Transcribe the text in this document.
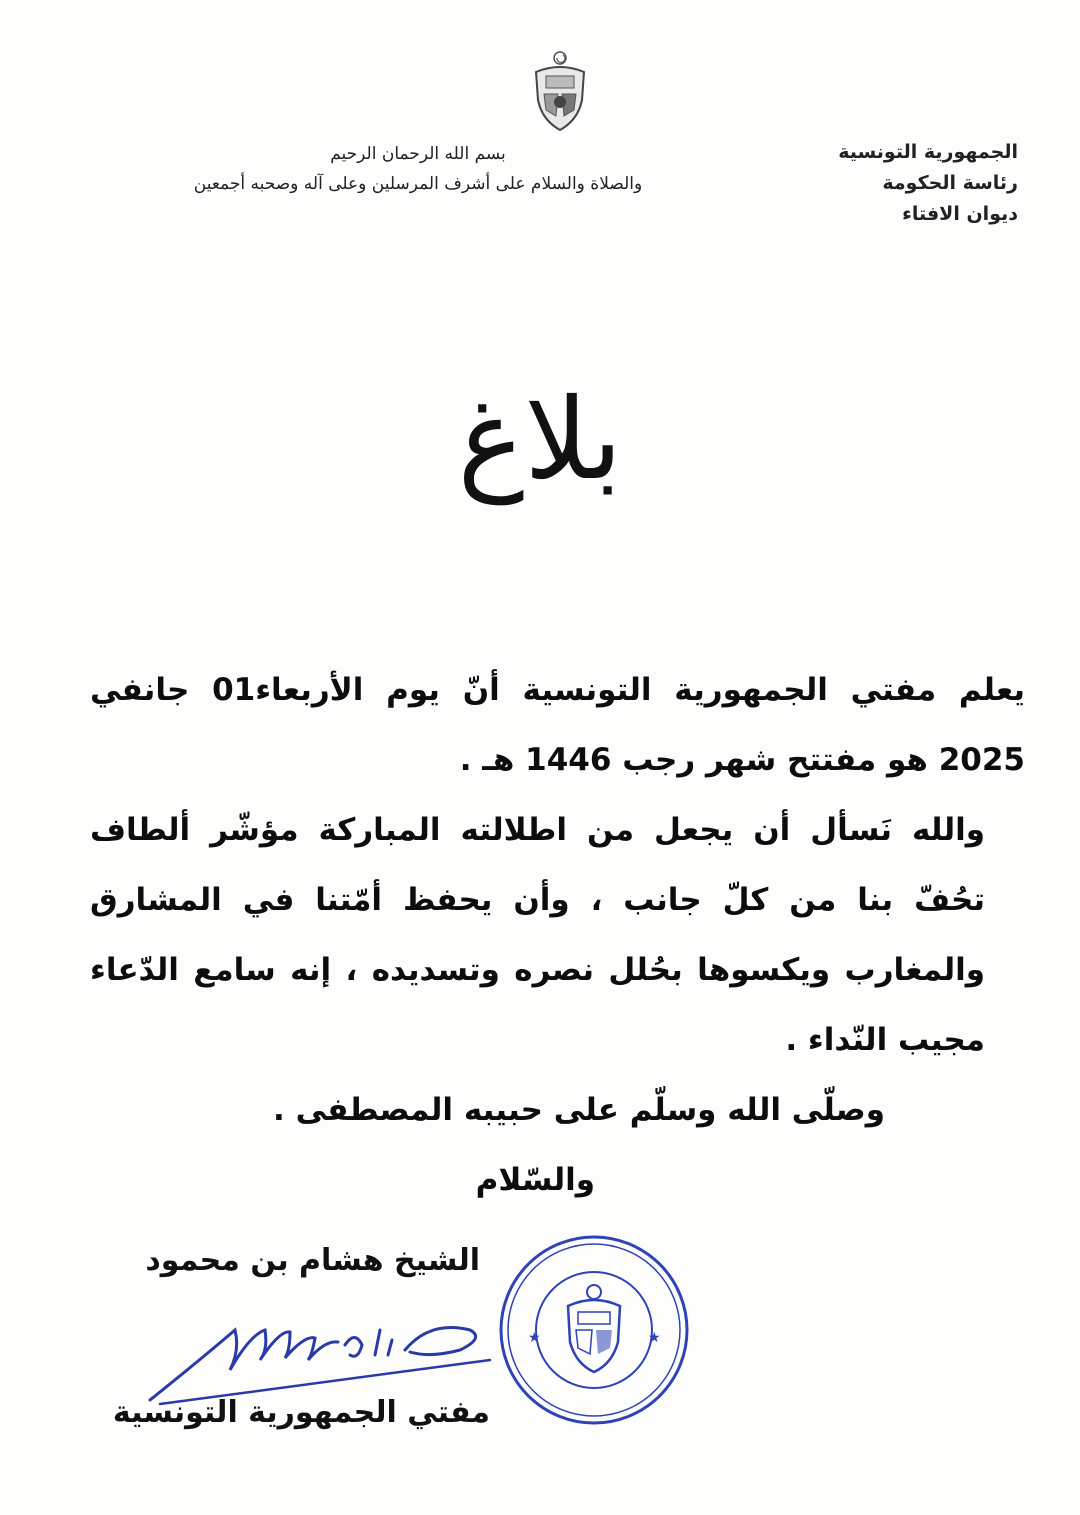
الجمهورية التونسية
رئاسة الحكومة
ديوان الافتاء
بسم الله الرحمان الرحيم
والصلاة والسلام على أشرف المرسلين وعلى آله وصحبه أجمعين
بلاغ

يعلم مفتي الجمهورية التونسية أنّ يوم الأربعاء01 جانفي 2025 هو مفتتح شهر رجب 1446 هـ .

والله نَسأل أن يجعل من اطلالته المباركة مؤشّر ألطاف تحُفّ بنا من كلّ جانب ، وأن يحفظ أمّتنا في المشارق والمغارب ويكسوها بحُلل نصره وتسديده ، إنه سامع الدّعاء مجيب النّداء .

وصلّى الله وسلّم على حبيبه المصطفى .

والسّلام

الشيخ هشام بن محمود
مفتي الجمهورية التونسية
★	★
